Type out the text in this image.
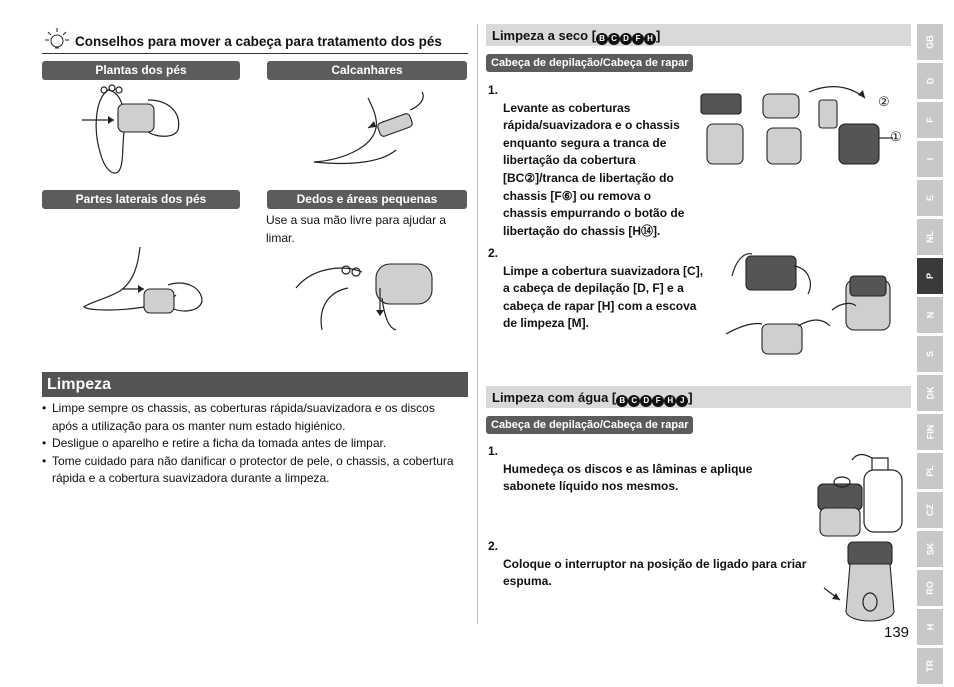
Conselhos para mover a cabeça para tratamento dos pés
Plantas dos pés	Calcanhares
Partes laterais dos pés	Dedos e áreas pequenas
Use a sua mão livre para ajudar a limar.
Limpeza
• Limpe sempre os chassis, as coberturas rápida/suavizadora e os discos após a utilização para os manter num estado higiénico.
• Desligue o aparelho e retire a ficha da tomada antes de limpar.
• Tome cuidado para não danificar o protector de pele, o chassis, a cobertura rápida e a cobertura suavizadora durante a limpeza.
Limpeza a seco [ B C D F H ]
Cabeça de depilação/Cabeça de rapar
1.
Levante as coberturas rápida/suavizadora e o chassis enquanto segura a tranca de libertação da cobertura [BC②]/tranca de libertação do chassis [F⑥] ou remova o chassis empurrando o botão de libertação do chassis [H⑭].
②
①
2.
Limpe a cobertura suavizadora [C], a cabeça de depilação [D, F] e a cabeça de rapar [H] com a escova de limpeza [M].
Limpeza com água [ B C D F H J ]
Cabeça de depilação/Cabeça de rapar
1.
Humedeça os discos e as lâminas e aplique sabonete líquido nos mesmos.
2.
Coloque o interruptor na posição de ligado para criar espuma.
GB
D
F
I
E
NL
P
N
S
DK
FIN
PL
CZ
SK
RO
H
TR
139
